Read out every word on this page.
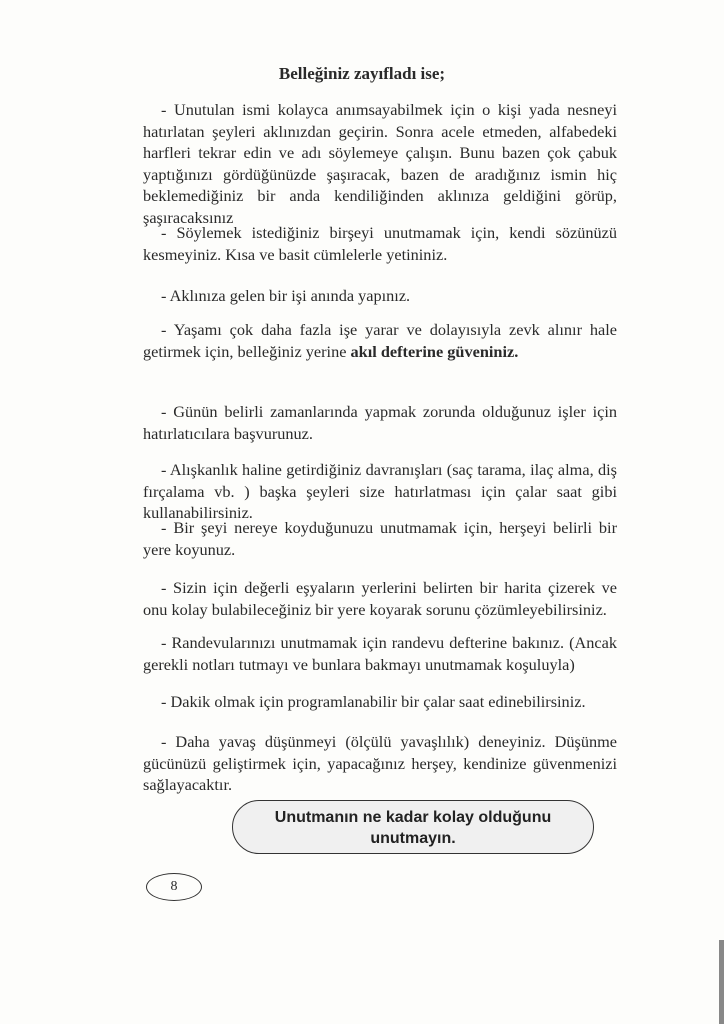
Belleğiniz zayıfladı ise;

- Unutulan ismi kolayca anımsayabilmek için o kişi yada nesneyi hatırlatan şeyleri aklınızdan geçirin. Sonra acele etmeden, alfabedeki harfleri tekrar edin ve adı söylemeye çalışın. Bunu bazen çok çabuk yaptığınızı gördüğünüzde şaşıracak, bazen de aradığınız ismin hiç beklemediğiniz bir anda kendiliğinden aklınıza geldiğini görüp, şaşıracaksınız

- Söylemek istediğiniz birşeyi unutmamak için, kendi sözünüzü kesmeyiniz. Kısa ve basit cümlelerle yetininiz.

- Aklınıza gelen bir işi anında yapınız.

- Yaşamı çok daha fazla işe yarar ve dolayısıyla zevk alınır hale getirmek için, belleğiniz yerine akıl defterine güveniniz.

- Günün belirli zamanlarında yapmak zorunda olduğunuz işler için hatırlatıcılara başvurunuz.

- Alışkanlık haline getirdiğiniz davranışları (saç tarama, ilaç alma, diş fırçalama vb. ) başka şeyleri size hatırlatması için çalar saat gibi kullanabilirsiniz.

- Bir şeyi nereye koyduğunuzu unutmamak için, herşeyi belirli bir yere koyunuz.

- Sizin için değerli eşyaların yerlerini belirten bir harita çizerek ve onu kolay bulabileceğiniz bir yere koyarak sorunu çözümleyebilirsiniz.

- Randevularınızı unutmamak için randevu defterine bakınız. (Ancak gerekli notları tutmayı ve bunlara bakmayı unutmamak koşuluyla)

- Dakik olmak için programlanabilir bir çalar saat edinebilirsiniz.

- Daha yavaş düşünmeyi (ölçülü yavaşlılık) deneyiniz. Düşünme gücünüzü geliştirmek için, yapacağınız herşey, kendinize güvenmenizi sağlayacaktır.

Unutmanın ne kadar kolay olduğunu
unutmayın.
8
